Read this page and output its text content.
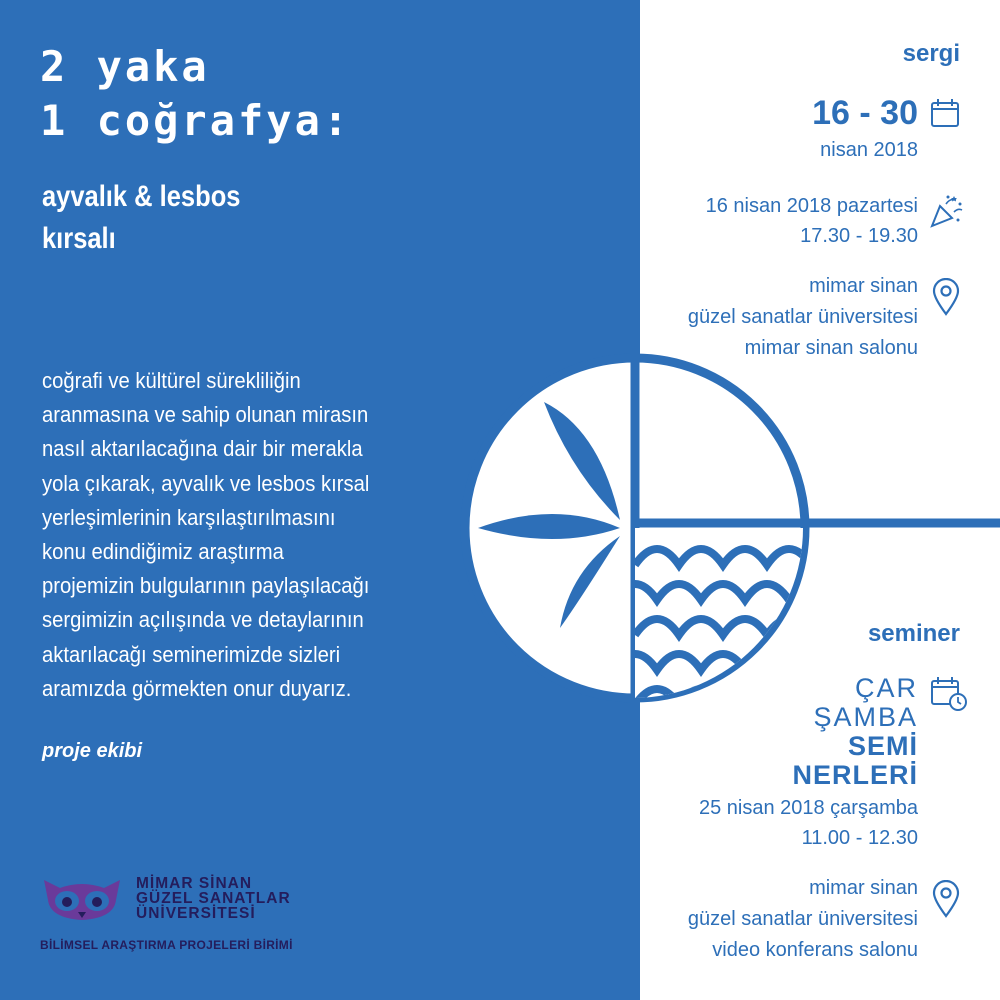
2 yaka
1 coğrafya:
ayvalık & lesbos
kırsalı
coğrafi ve kültürel sürekliliğin
aranmasına ve sahip olunan mirasın
nasıl aktarılacağına dair bir merakla
yola çıkarak, ayvalık ve lesbos kırsal
yerleşimlerinin karşılaştırılmasını
konu edindiğimiz araştırma
projemizin bulgularının paylaşılacağı
sergimizin açılışında ve detaylarının
aktarılacağı seminerimizde sizleri
aramızda görmekten onur duyarız.
proje ekibi
MİMAR SİNAN
GÜZEL SANATLAR
ÜNİVERSİTESİ
BİLİMSEL ARAŞTIRMA PROJELERİ BİRİMİ
sergi
16 - 30
nisan 2018
16 nisan 2018 pazartesi
17.30 - 19.30
mimar sinan
güzel sanatlar üniversitesi
mimar sinan salonu
seminer
ÇAR
ŞAMBA
SEMİ
NERLERİ
25 nisan 2018 çarşamba
11.00 - 12.30
mimar sinan
güzel sanatlar üniversitesi
video konferans salonu
